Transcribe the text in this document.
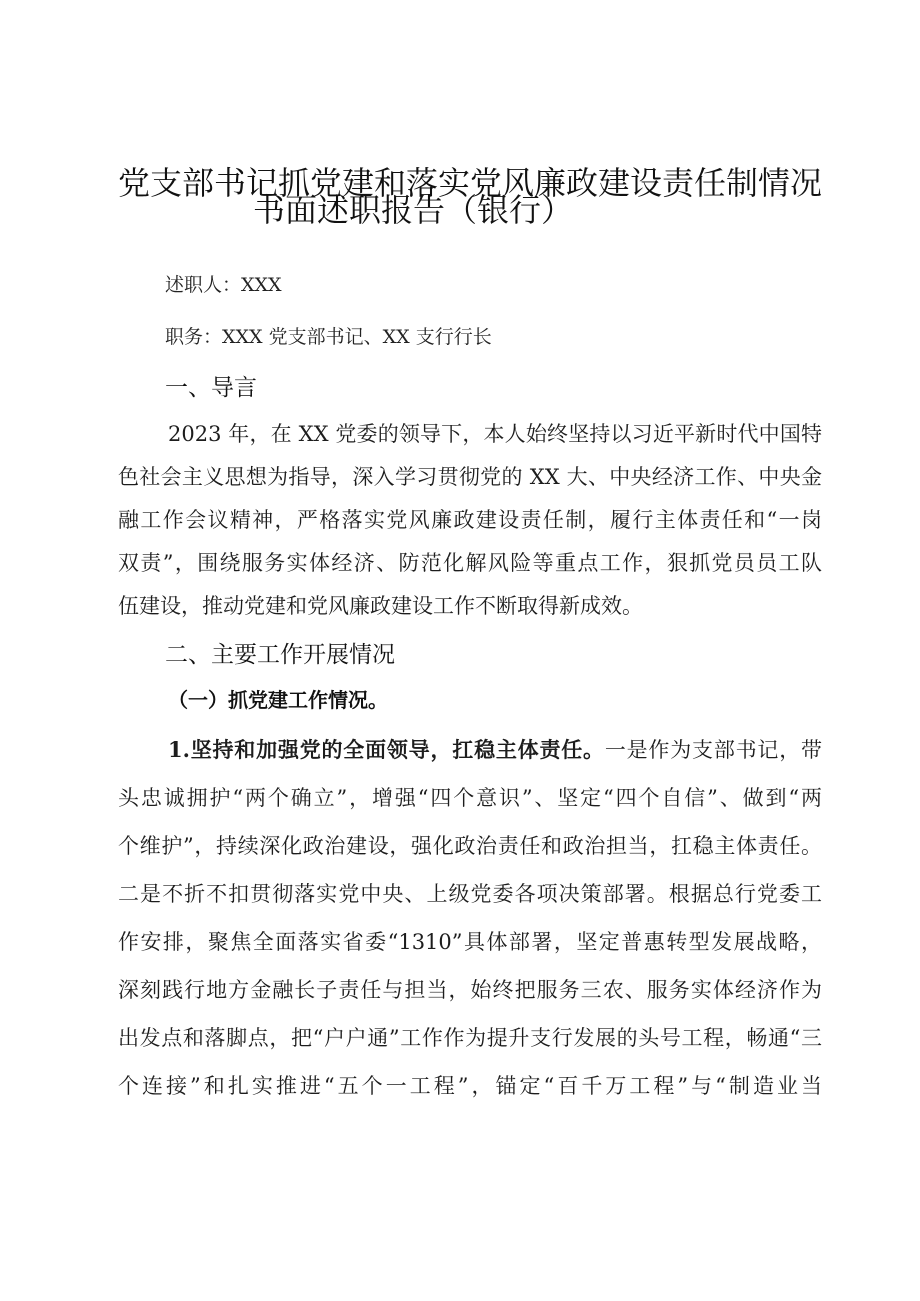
党支部书记抓党建和落实党风廉政建设责任制情况
书面述职报告（银行）
述职人：XXX
职务：XXX 党支部书记、XX 支行行长
一、导言
2023 年，在 XX 党委的领导下，本人始终坚持以习近平新时代中国特
色社会主义思想为指导，深入学习贯彻党的 XX 大、中央经济工作、中央金
融工作会议精神，严格落实党风廉政建设责任制，履行主体责任和“一岗
双责”，围绕服务实体经济、防范化解风险等重点工作，狠抓党员员工队
伍建设，推动党建和党风廉政建设工作不断取得新成效。
二、主要工作开展情况
（一）抓党建工作情况。
1.坚持和加强党的全面领导，扛稳主体责任。一是作为支部书记，带
头忠诚拥护“两个确立”，增强“四个意识”、坚定“四个自信”、做到“两
个维护”，持续深化政治建设，强化政治责任和政治担当，扛稳主体责任。
二是不折不扣贯彻落实党中央、上级党委各项决策部署。根据总行党委工
作安排，聚焦全面落实省委“1310”具体部署，坚定普惠转型发展战略，
深刻践行地方金融长子责任与担当，始终把服务三农、服务实体经济作为
出发点和落脚点，把“户户通”工作作为提升支行发展的头号工程，畅通“三
个连接”和扎实推进“五个一工程”，锚定“百千万工程”与“制造业当
